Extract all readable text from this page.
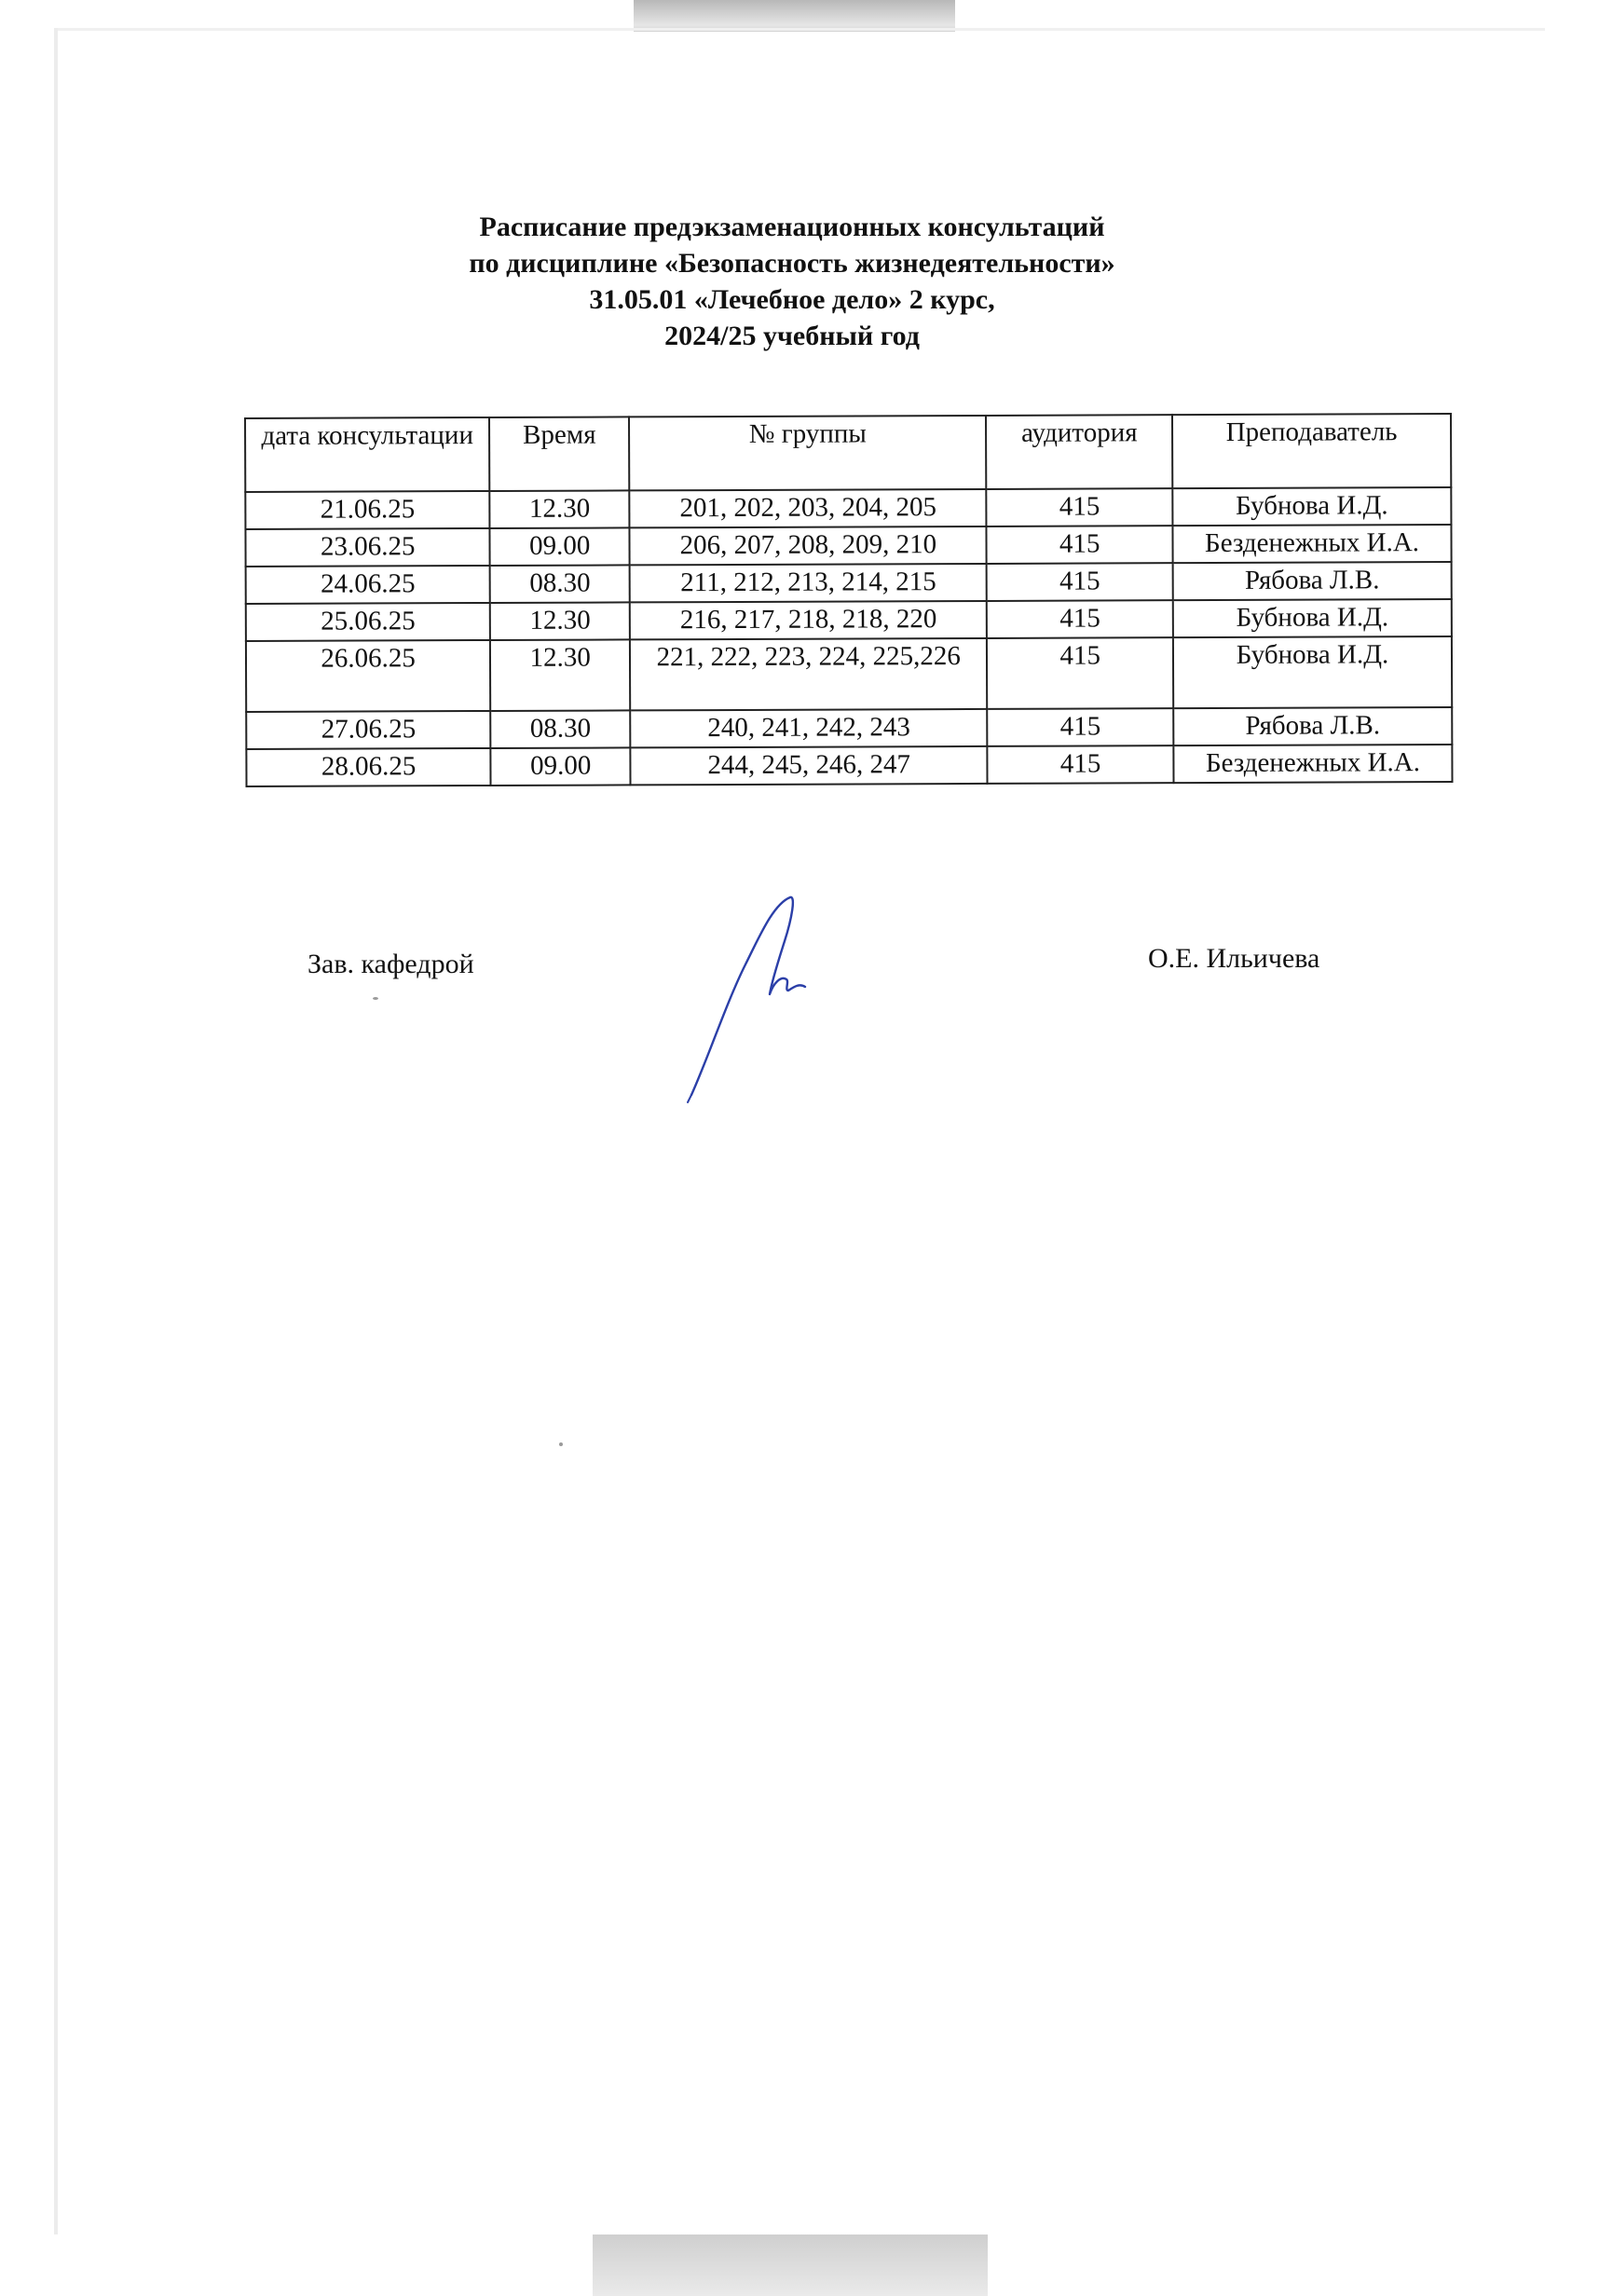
Расписание предэкзаменационных консультаций
по дисциплине «Безопасность жизнедеятельности»
31.05.01 «Лечебное дело» 2 курс,
2024/25 учебный год
дата консультации	Время	№ группы	аудитория	Преподаватель
21.06.25	12.30	201, 202, 203, 204, 205	415	Бубнова И.Д.
23.06.25	09.00	206, 207, 208, 209, 210	415	Безденежных И.А.
24.06.25	08.30	211, 212, 213, 214, 215	415	Рябова Л.В.
25.06.25	12.30	216, 217, 218, 218, 220	415	Бубнова И.Д.
26.06.25	12.30	221, 222, 223, 224, 225,226	415	Бубнова И.Д.
27.06.25	08.30	240, 241, 242, 243	415	Рябова Л.В.
28.06.25	09.00	244, 245, 246, 247	415	Безденежных И.А.
Зав. кафедрой	О.Е. Ильичева
